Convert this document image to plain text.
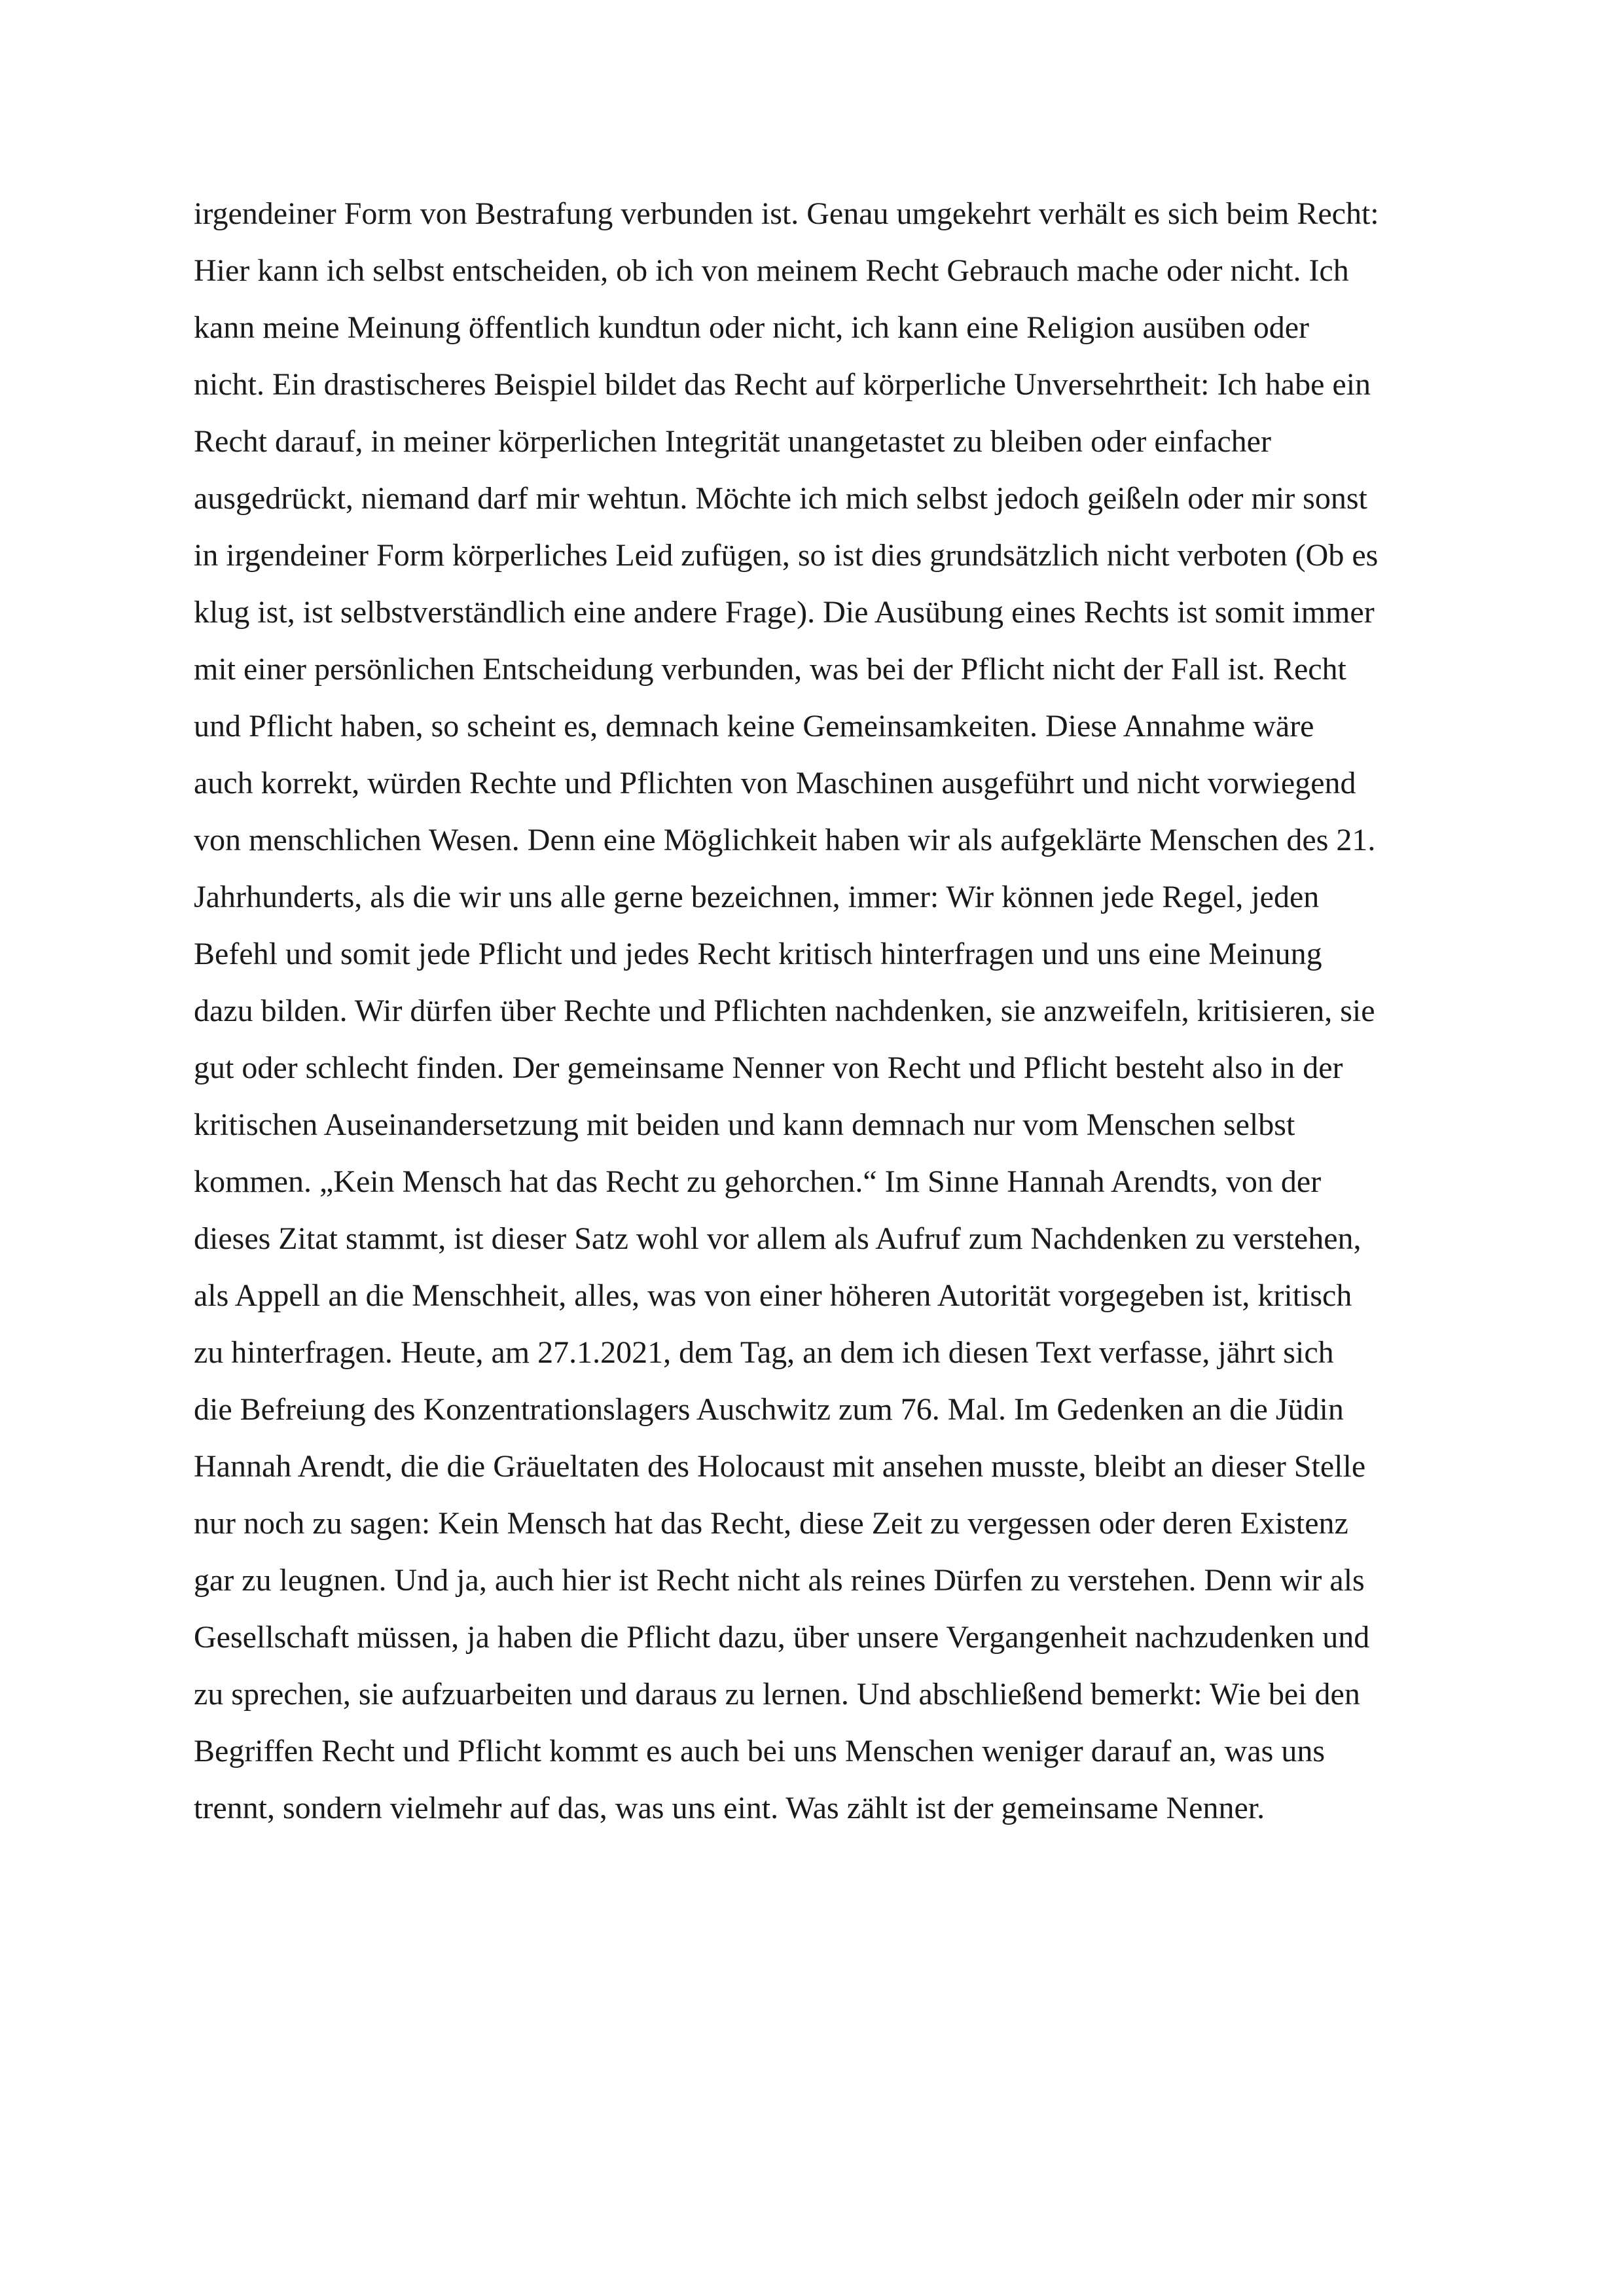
irgendeiner Form von Bestrafung verbunden ist. Genau umgekehrt verhält es sich beim Recht:
Hier kann ich selbst entscheiden, ob ich von meinem Recht Gebrauch mache oder nicht. Ich
kann meine Meinung öffentlich kundtun oder nicht, ich kann eine Religion ausüben oder
nicht. Ein drastischeres Beispiel bildet das Recht auf körperliche Unversehrtheit: Ich habe ein
Recht darauf, in meiner körperlichen Integrität unangetastet zu bleiben oder einfacher
ausgedrückt, niemand darf mir wehtun. Möchte ich mich selbst jedoch geißeln oder mir sonst
in irgendeiner Form körperliches Leid zufügen, so ist dies grundsätzlich nicht verboten (Ob es
klug ist, ist selbstverständlich eine andere Frage). Die Ausübung eines Rechts ist somit immer
mit einer persönlichen Entscheidung verbunden, was bei der Pflicht nicht der Fall ist. Recht
und Pflicht haben, so scheint es, demnach keine Gemeinsamkeiten. Diese Annahme wäre
auch korrekt, würden Rechte und Pflichten von Maschinen ausgeführt und nicht vorwiegend
von menschlichen Wesen. Denn eine Möglichkeit haben wir als aufgeklärte Menschen des 21.
Jahrhunderts, als die wir uns alle gerne bezeichnen, immer: Wir können jede Regel, jeden
Befehl und somit jede Pflicht und jedes Recht kritisch hinterfragen und uns eine Meinung
dazu bilden. Wir dürfen über Rechte und Pflichten nachdenken, sie anzweifeln, kritisieren, sie
gut oder schlecht finden. Der gemeinsame Nenner von Recht und Pflicht besteht also in der
kritischen Auseinandersetzung mit beiden und kann demnach nur vom Menschen selbst
kommen. „Kein Mensch hat das Recht zu gehorchen.“ Im Sinne Hannah Arendts, von der
dieses Zitat stammt, ist dieser Satz wohl vor allem als Aufruf zum Nachdenken zu verstehen,
als Appell an die Menschheit, alles, was von einer höheren Autorität vorgegeben ist, kritisch
zu hinterfragen. Heute, am 27.1.2021, dem Tag, an dem ich diesen Text verfasse, jährt sich
die Befreiung des Konzentrationslagers Auschwitz zum 76. Mal. Im Gedenken an die Jüdin
Hannah Arendt, die die Gräueltaten des Holocaust mit ansehen musste, bleibt an dieser Stelle
nur noch zu sagen: Kein Mensch hat das Recht, diese Zeit zu vergessen oder deren Existenz
gar zu leugnen. Und ja, auch hier ist Recht nicht als reines Dürfen zu verstehen. Denn wir als
Gesellschaft müssen, ja haben die Pflicht dazu, über unsere Vergangenheit nachzudenken und
zu sprechen, sie aufzuarbeiten und daraus zu lernen. Und abschließend bemerkt: Wie bei den
Begriffen Recht und Pflicht kommt es auch bei uns Menschen weniger darauf an, was uns
trennt, sondern vielmehr auf das, was uns eint. Was zählt ist der gemeinsame Nenner.
